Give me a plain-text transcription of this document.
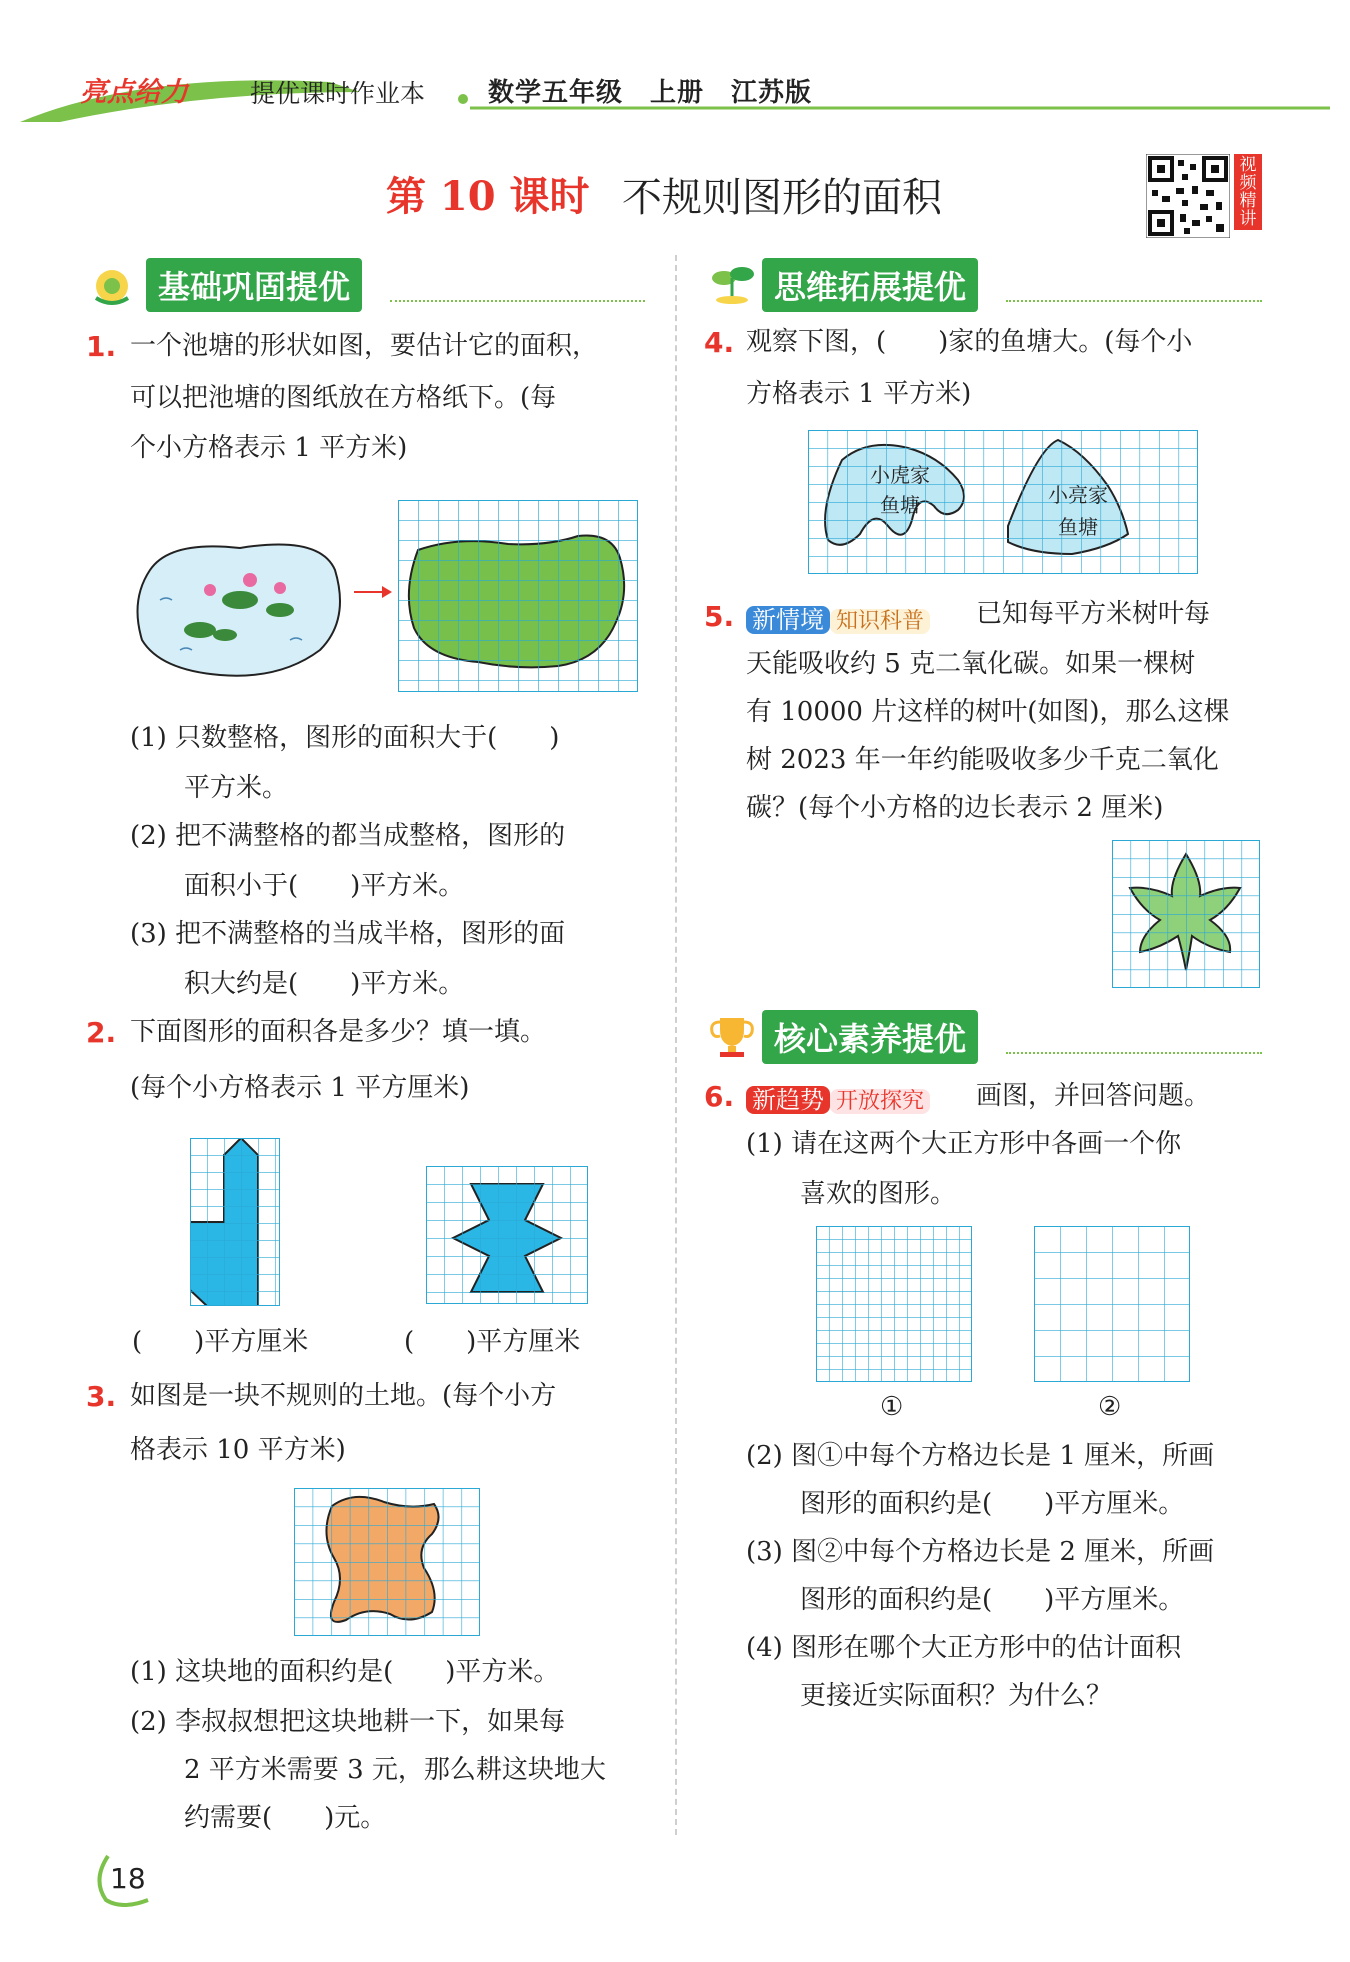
亮点给力 提优课时作业本 数学五年级　上册　江苏版
第 10 课时 不规则图形的面积
视频精讲
基础巩固提优
1. 一个池塘的形状如图，要估计它的面积，
可以把池塘的图纸放在方格纸下。(每
个小方格表示 1 平方米)
(1) 只数整格，图形的面积大于(　　)
平方米。
(2) 把不满整格的都当成整格，图形的
面积小于(　　)平方米。
(3) 把不满整格的当成半格，图形的面
积大约是(　　)平方米。
2. 下面图形的面积各是多少？填一填。
(每个小方格表示 1 平方厘米)
(　　)平方厘米	(　　)平方厘米
3. 如图是一块不规则的土地。(每个小方
格表示 10 平方米)
(1) 这块地的面积约是(　　)平方米。
(2) 李叔叔想把这块地耕一下，如果每
2 平方米需要 3 元，那么耕这块地大
约需要(　　)元。
思维拓展提优
4. 观察下图，(　　)家的鱼塘大。(每个小
方格表示 1 平方米)
小虎家
鱼塘	小亮家
鱼塘
5. 新情境 知识科普 已知每平方米树叶每
天能吸收约 5 克二氧化碳。如果一棵树
有 10000 片这样的树叶(如图)，那么这棵
树 2023 年一年约能吸收多少千克二氧化
碳？(每个小方格的边长表示 2 厘米)
核心素养提优
6. 新趋势 开放探究 画图，并回答问题。
(1) 请在这两个大正方形中各画一个你
喜欢的图形。
①	②
(2) 图①中每个方格边长是 1 厘米，所画
图形的面积约是(　　)平方厘米。
(3) 图②中每个方格边长是 2 厘米，所画
图形的面积约是(　　)平方厘米。
(4) 图形在哪个大正方形中的估计面积
更接近实际面积？为什么？
18
